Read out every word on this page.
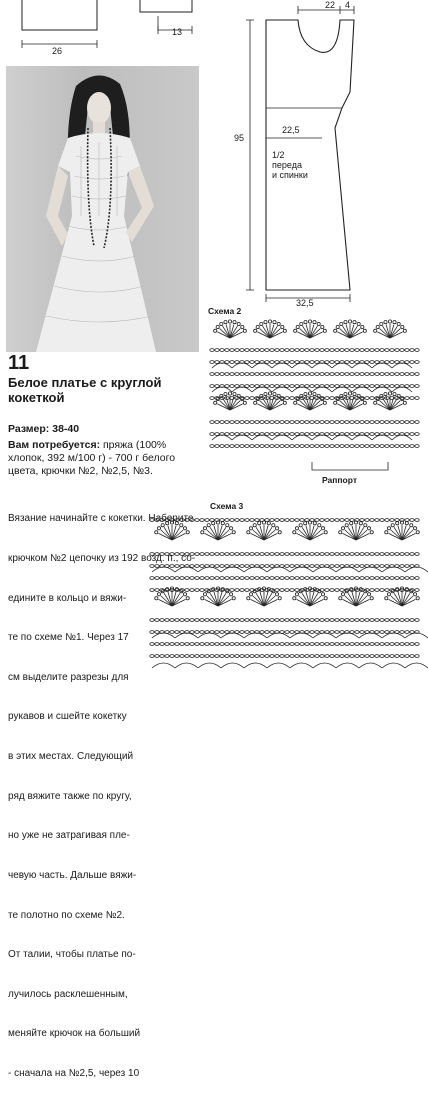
26
13
22 4
95
22,5
32,5
1/2
переда
и спинки
11
Белое платье с круглой кокеткой
Размер: 38-40
Вам потребуется: пряжа (100% хлопок, 392 м/100 г) - 700 г белого цвета, крючки №2, №2,5, №3.

Вязание начинайте с кокетки. Наберите

крючком №2 цепочку из 192 возд. п., со-

едините в кольцо и вяжи-

те по схеме №1. Через 17

см выделите разрезы для

рукавов и сшейте кокетку

в этих местах. Следующий

ряд вяжите также по кругу,

но уже не затрагивая пле-

чевую часть. Дальше вяжи-

те полотно по схеме №2.

От талии, чтобы платье по-

лучилось расклешенным,

меняйте крючок на больший

- сначала на №2,5, через 10

Схема 2
Раппорт
Схема 3
